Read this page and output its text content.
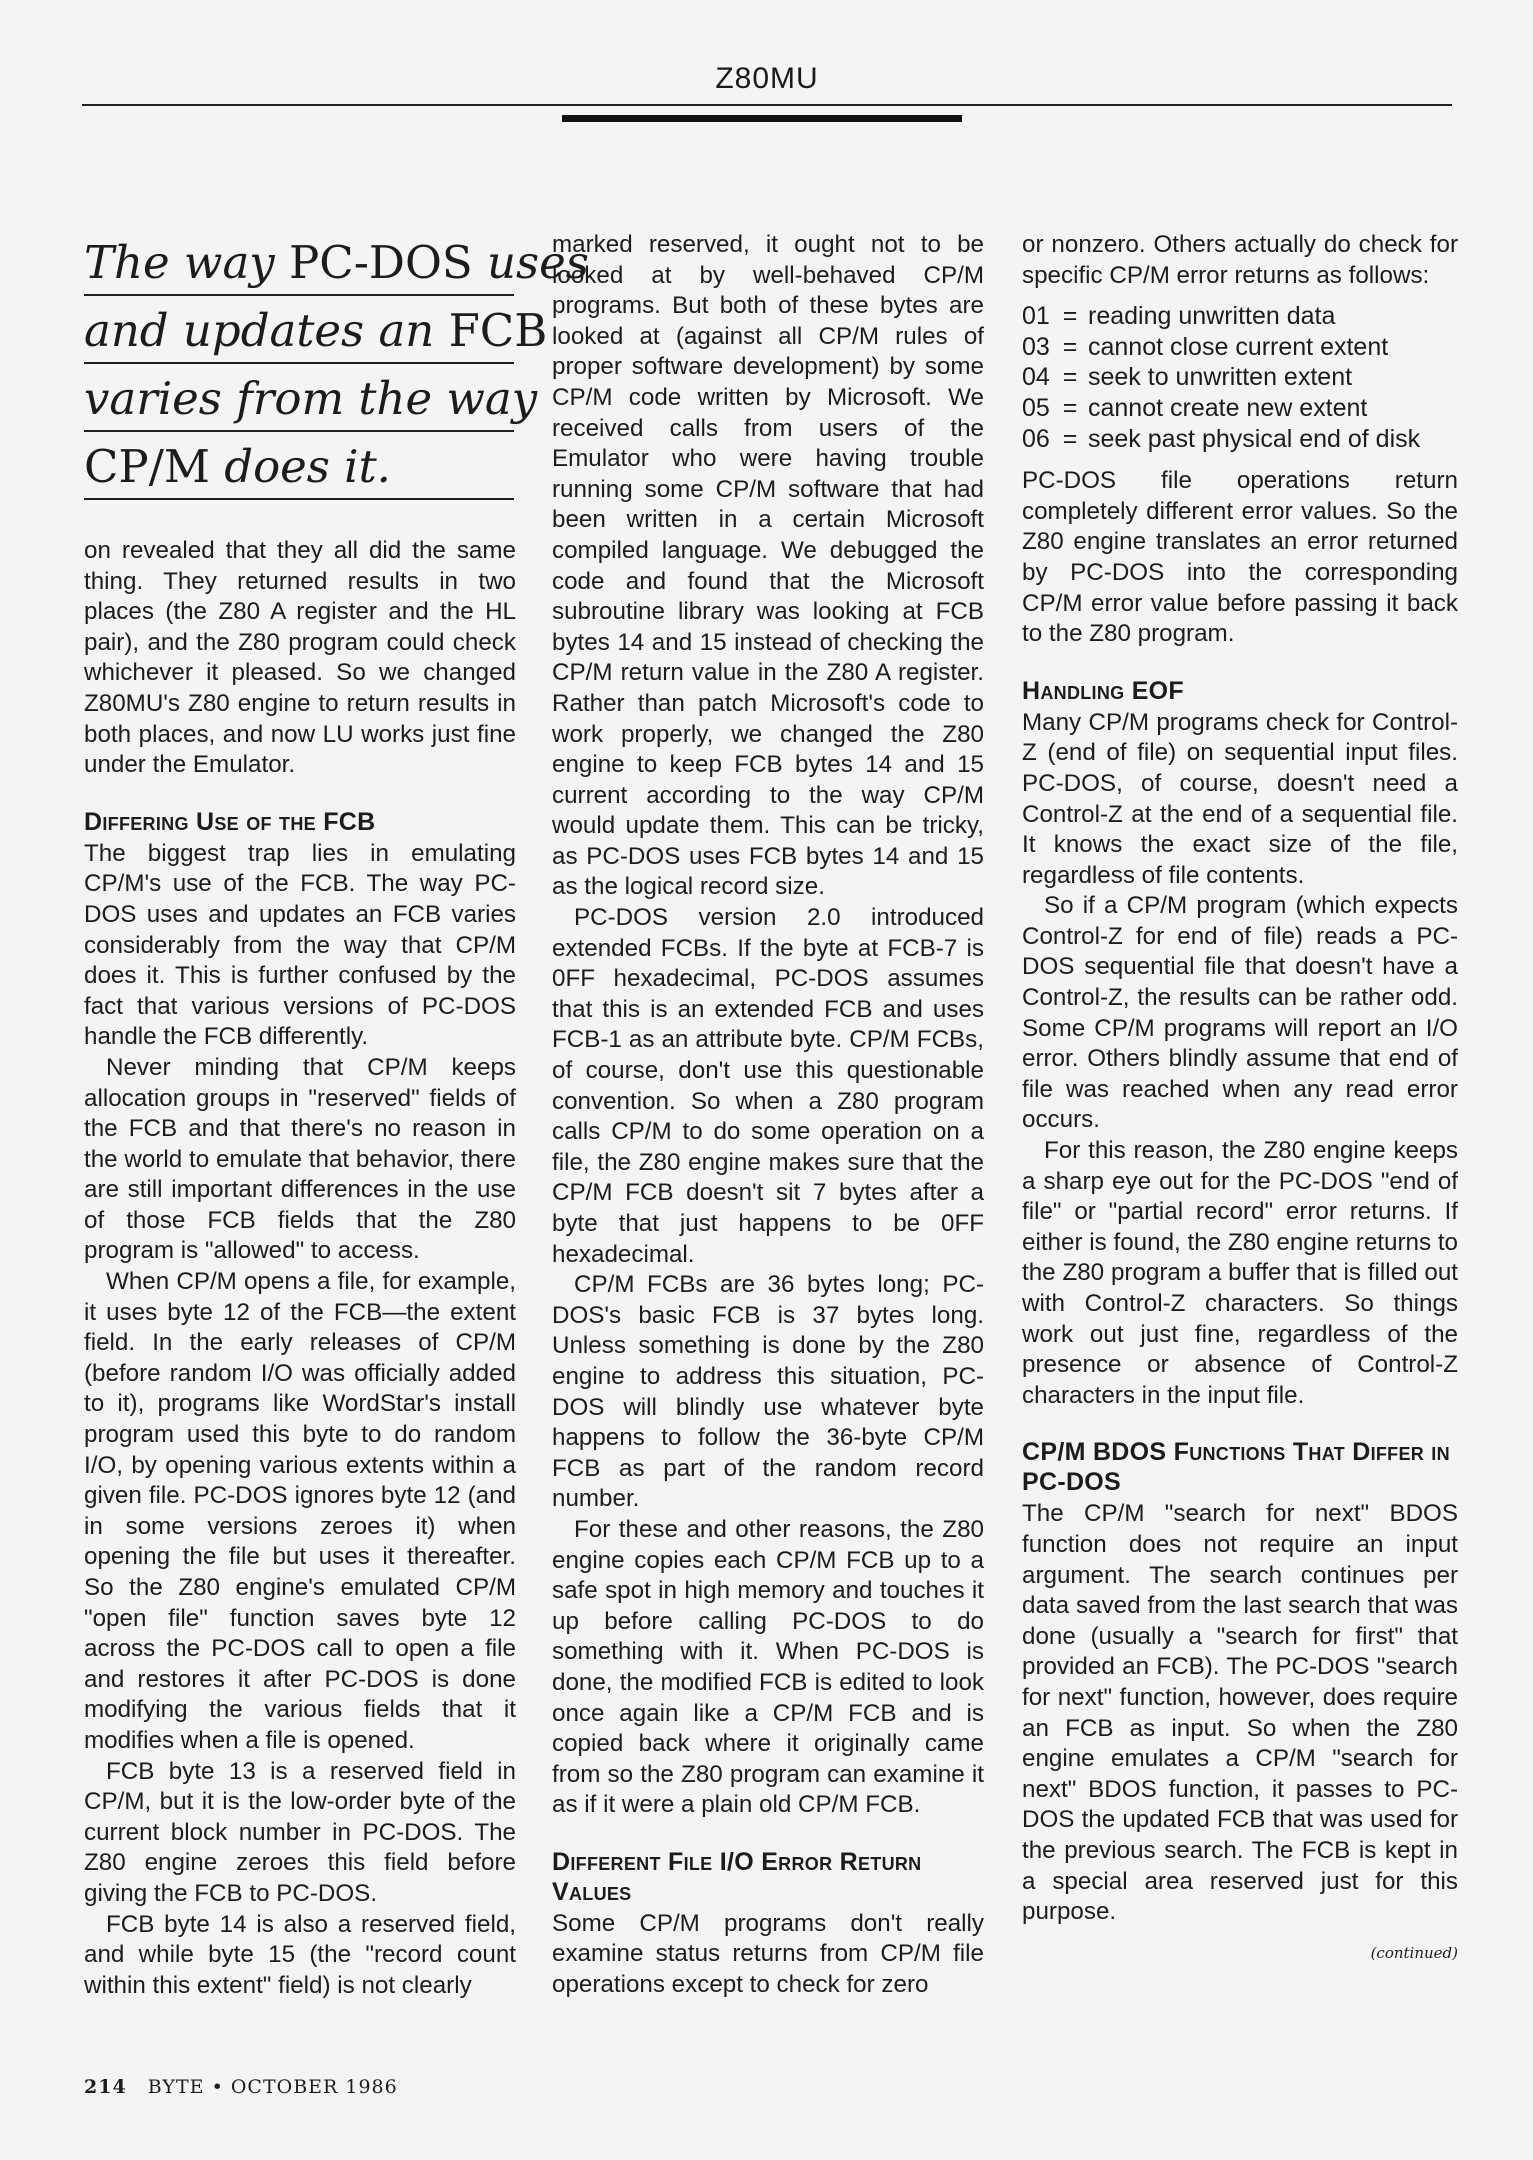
Z80MU
The way PC-DOS uses
and updates an FCB
varies from the way
CP/M does it.

on revealed that they all did the same thing. They returned results in two places (the Z80 A register and the HL pair), and the Z80 program could check whichever it pleased. So we changed Z80MU's Z80 engine to return results in both places, and now LU works just fine under the Emulator.

Differing Use of the FCB

The biggest trap lies in emulating CP/M's use of the FCB. The way PC-DOS uses and updates an FCB varies considerably from the way that CP/M does it. This is further confused by the fact that various versions of PC-DOS handle the FCB differently.

Never minding that CP/M keeps allocation groups in "reserved" fields of the FCB and that there's no reason in the world to emulate that behavior, there are still important differences in the use of those FCB fields that the Z80 program is "allowed" to access.

When CP/M opens a file, for example, it uses byte 12 of the FCB—the extent field. In the early releases of CP/M (before random I/O was officially added to it), programs like WordStar's install program used this byte to do random I/O, by opening various extents within a given file. PC-DOS ignores byte 12 (and in some versions zeroes it) when opening the file but uses it thereafter. So the Z80 engine's emulated CP/M "open file" function saves byte 12 across the PC-DOS call to open a file and restores it after PC-DOS is done modifying the various fields that it modifies when a file is opened.

FCB byte 13 is a reserved field in CP/M, but it is the low-order byte of the current block number in PC-DOS. The Z80 engine zeroes this field before giving the FCB to PC-DOS.

FCB byte 14 is also a reserved field, and while byte 15 (the "record count within this extent" field) is not clearly

marked reserved, it ought not to be looked at by well-behaved CP/M programs. But both of these bytes are looked at (against all CP/M rules of proper software development) by some CP/M code written by Microsoft. We received calls from users of the Emulator who were having trouble running some CP/M software that had been written in a certain Microsoft compiled language. We debugged the code and found that the Microsoft subroutine library was looking at FCB bytes 14 and 15 instead of checking the CP/M return value in the Z80 A register. Rather than patch Microsoft's code to work properly, we changed the Z80 engine to keep FCB bytes 14 and 15 current according to the way CP/M would update them. This can be tricky, as PC-DOS uses FCB bytes 14 and 15 as the logical record size.

PC-DOS version 2.0 introduced extended FCBs. If the byte at FCB-7 is 0FF hexadecimal, PC-DOS assumes that this is an extended FCB and uses FCB-1 as an attribute byte. CP/M FCBs, of course, don't use this questionable convention. So when a Z80 program calls CP/M to do some operation on a file, the Z80 engine makes sure that the CP/M FCB doesn't sit 7 bytes after a byte that just happens to be 0FF hexadecimal.

CP/M FCBs are 36 bytes long; PC-DOS's basic FCB is 37 bytes long. Unless something is done by the Z80 engine to address this situation, PC-DOS will blindly use whatever byte happens to follow the 36-byte CP/M FCB as part of the random record number.

For these and other reasons, the Z80 engine copies each CP/M FCB up to a safe spot in high memory and touches it up before calling PC-DOS to do something with it. When PC-DOS is done, the modified FCB is edited to look once again like a CP/M FCB and is copied back where it originally came from so the Z80 program can examine it as if it were a plain old CP/M FCB.

Different File I/O Error Return Values

Some CP/M programs don't really examine status returns from CP/M file operations except to check for zero

or nonzero. Others actually do check for specific CP/M error returns as follows:

01 = reading unwritten data
03 = cannot close current extent
04 = seek to unwritten extent
05 = cannot create new extent
06 = seek past physical end of disk

PC-DOS file operations return completely different error values. So the Z80 engine translates an error returned by PC-DOS into the corresponding CP/M error value before passing it back to the Z80 program.

Handling EOF

Many CP/M programs check for Control-Z (end of file) on sequential input files. PC-DOS, of course, doesn't need a Control-Z at the end of a sequential file. It knows the exact size of the file, regardless of file contents.

So if a CP/M program (which expects Control-Z for end of file) reads a PC-DOS sequential file that doesn't have a Control-Z, the results can be rather odd. Some CP/M programs will report an I/O error. Others blindly assume that end of file was reached when any read error occurs.

For this reason, the Z80 engine keeps a sharp eye out for the PC-DOS "end of file" or "partial record" error returns. If either is found, the Z80 engine returns to the Z80 program a buffer that is filled out with Control-Z characters. So things work out just fine, regardless of the presence or absence of Control-Z characters in the input file.

CP/M BDOS Functions That Differ in PC-DOS

The CP/M "search for next" BDOS function does not require an input argument. The search continues per data saved from the last search that was done (usually a "search for first" that provided an FCB). The PC-DOS "search for next" function, however, does require an FCB as input. So when the Z80 engine emulates a CP/M "search for next" BDOS function, it passes to PC-DOS the updated FCB that was used for the previous search. The FCB is kept in a special area reserved just for this purpose.

(continued)
214 BYTE • OCTOBER 1986
